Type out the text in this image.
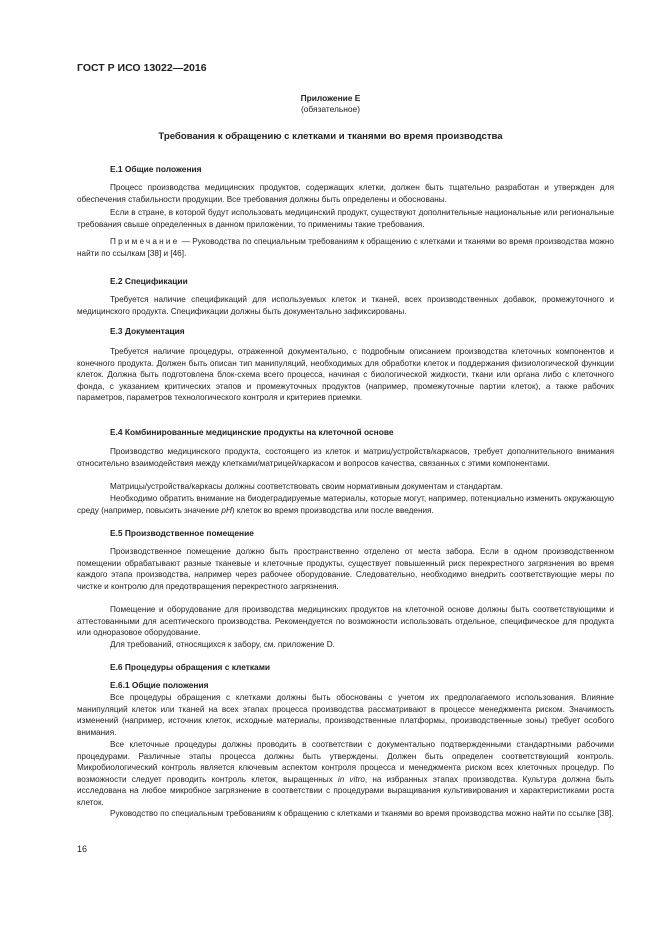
ГОСТ Р ИСО 13022—2016
Приложение Е
(обязательное)
Требования к обращению с клетками и тканями во время производства
Е.1 Общие положения

Процесс производства медицинских продуктов, содержащих клетки, должен быть тщательно разработан и утвержден для обеспечения стабильности продукции. Все требования должны быть определены и обоснованы.

Если в стране, в которой будут использовать медицинский продукт, существуют дополнительные национальные или региональные требования свыше определенных в данном приложении, то применимы такие требования.

Примечание — Руководства по специальным требованиям к обращению с клетками и тканями во время производства можно найти по ссылкам [38] и [46].

Е.2 Спецификации

Требуется наличие спецификаций для используемых клеток и тканей, всех производственных добавок, промежуточного и медицинского продукта. Спецификации должны быть документально зафиксированы.

Е.3 Документация

Требуется наличие процедуры, отраженной документально, с подробным описанием производства клеточных компонентов и конечного продукта. Должен быть описан тип манипуляций, необходимых для обработки клеток и поддержания физиологической функции клеток. Должна быть подготовлена блок-схема всего процесса, начиная с биологической жидкости, ткани или органа либо с клеточного фонда, с указанием критических этапов и промежуточных продуктов (например, промежуточные партии клеток), а также рабочих параметров, параметров технологического контроля и критериев приемки.

Е.4 Комбинированные медицинские продукты на клеточной основе

Производство медицинского продукта, состоящего из клеток и матриц/устройств/каркасов, требует дополнительного внимания относительно взаимодействия между клетками/матрицей/каркасом и вопросов качества, связанных с этими компонентами.

Матрицы/устройства/каркасы должны соответствовать своим нормативным документам и стандартам.

Необходимо обратить внимание на биодеградируемые материалы, которые могут, например, потенциально изменить окружающую среду (например, повысить значение pH) клеток во время производства или после введения.

Е.5 Производственное помещение

Производственное помещение должно быть пространственно отделено от места забора. Если в одном производственном помещении обрабатывают разные тканевые и клеточные продукты, существует повышенный риск перекрестного загрязнения во время каждого этапа производства, например через рабочее оборудование. Следовательно, необходимо внедрить соответствующие меры по чистке и контролю для предотвращения перекрестного загрязнения.

Помещение и оборудование для производства медицинских продуктов на клеточной основе должны быть соответствующими и аттестованными для асептического производства. Рекомендуется по возможности использовать отдельное, специфическое для продукта или одноразовое оборудование.

Для требований, относящихся к забору, см. приложение D.

Е.6 Процедуры обращения с клетками
Е.6.1 Общие положения

Все процедуры обращения с клетками должны быть обоснованы с учетом их предполагаемого использования. Влияние манипуляций клеток или тканей на всех этапах процесса производства рассматривают в процессе менеджмента риском. Значимость изменений (например, источник клеток, исходные материалы, производственные платформы, производственные зоны) требует особого внимания.

Все клеточные процедуры должны проводить в соответствии с документально подтвержденными стандартными рабочими процедурами. Различные этапы процесса должны быть утверждены. Должен быть определен соответствующий контроль. Микробиологический контроль является ключевым аспектом контроля процесса и менеджмента риском всех клеточных процедур. По возможности следует проводить контроль клеток, выращенных in vitro, на избранных этапах производства. Культура должна быть исследована на любое микробное загрязнение в соответствии с процедурами выращивания культивирования и характеристиками роста клеток.

Руководство по специальным требованиям к обращению с клетками и тканями во время производства можно найти по ссылке [38].

16
